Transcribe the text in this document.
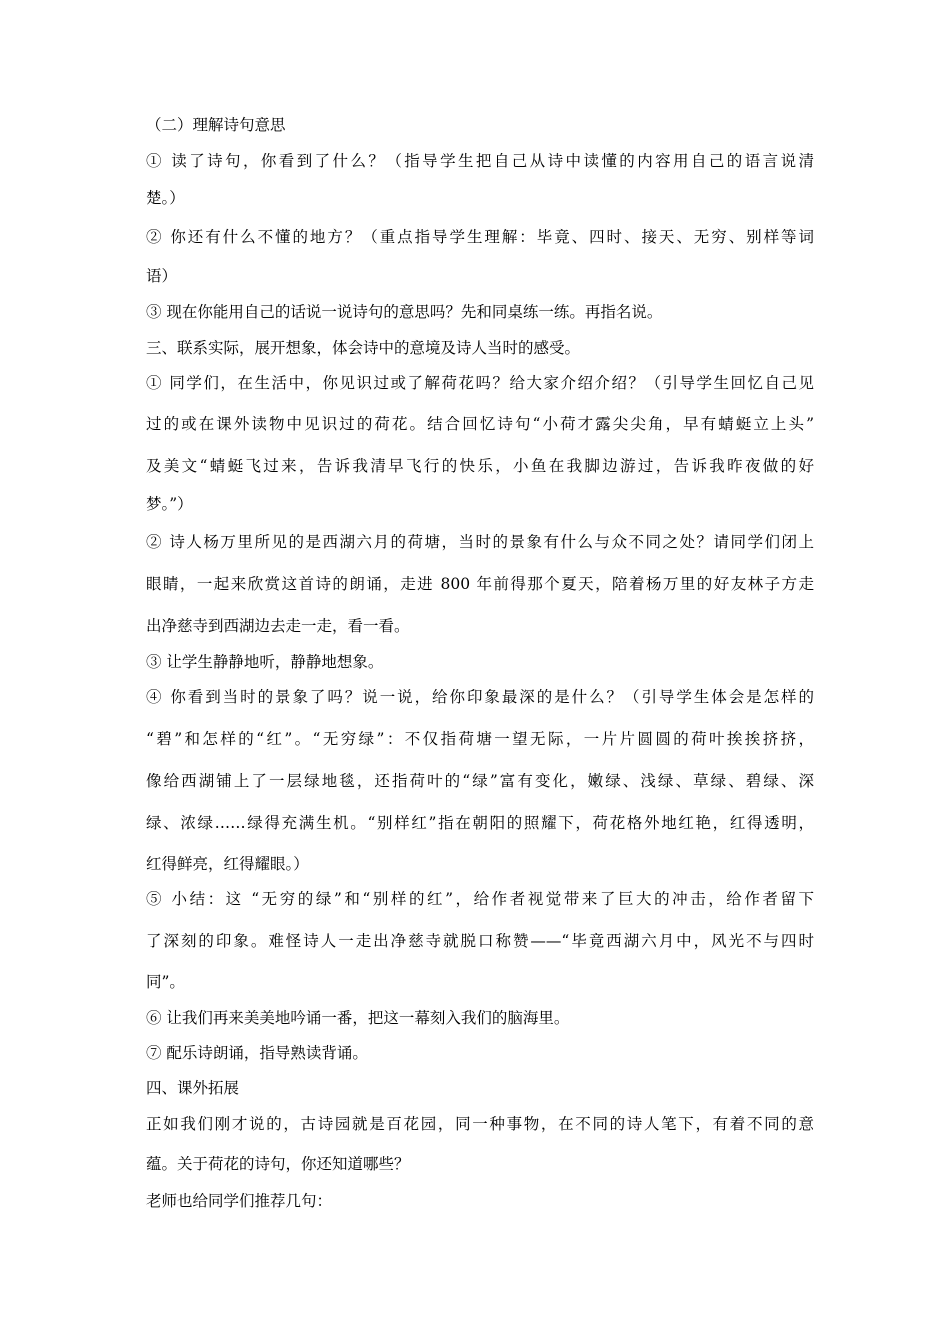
（二）理解诗句意思
① 读了诗句，你看到了什么？（指导学生把自己从诗中读懂的内容用自己的语言说清
楚。）
② 你还有什么不懂的地方？（重点指导学生理解：毕竟、四时、接天、无穷、别样等词
语）
③ 现在你能用自己的话说一说诗句的意思吗？先和同桌练一练。再指名说。
三、联系实际，展开想象，体会诗中的意境及诗人当时的感受。
① 同学们，在生活中，你见识过或了解荷花吗？给大家介绍介绍？（引导学生回忆自己见
过的或在课外读物中见识过的荷花。结合回忆诗句“小荷才露尖尖角，早有蜻蜓立上头”
及美文“蜻蜓飞过来，告诉我清早飞行的快乐，小鱼在我脚边游过，告诉我昨夜做的好
梦。”）
② 诗人杨万里所见的是西湖六月的荷塘，当时的景象有什么与众不同之处？请同学们闭上
眼睛，一起来欣赏这首诗的朗诵，走进 800 年前得那个夏天，陪着杨万里的好友林子方走
出净慈寺到西湖边去走一走，看一看。
③ 让学生静静地听，静静地想象。
④ 你看到当时的景象了吗？说一说，给你印象最深的是什么？（引导学生体会是怎样的
“碧”和怎样的“红”。“无穷绿”：不仅指荷塘一望无际，一片片圆圆的荷叶挨挨挤挤，
像给西湖铺上了一层绿地毯，还指荷叶的“绿”富有变化，嫩绿、浅绿、草绿、碧绿、深
绿、浓绿……绿得充满生机。“别样红”指在朝阳的照耀下，荷花格外地红艳，红得透明，
红得鲜亮，红得耀眼。）
⑤ 小结：这 “无穷的绿”和“别样的红”，给作者视觉带来了巨大的冲击，给作者留下
了深刻的印象。难怪诗人一走出净慈寺就脱口称赞——“毕竟西湖六月中，风光不与四时
同”。
⑥ 让我们再来美美地吟诵一番，把这一幕刻入我们的脑海里。
⑦ 配乐诗朗诵，指导熟读背诵。
四、课外拓展
正如我们刚才说的，古诗园就是百花园，同一种事物，在不同的诗人笔下，有着不同的意
蕴。关于荷花的诗句，你还知道哪些？
老师也给同学们推荐几句：
